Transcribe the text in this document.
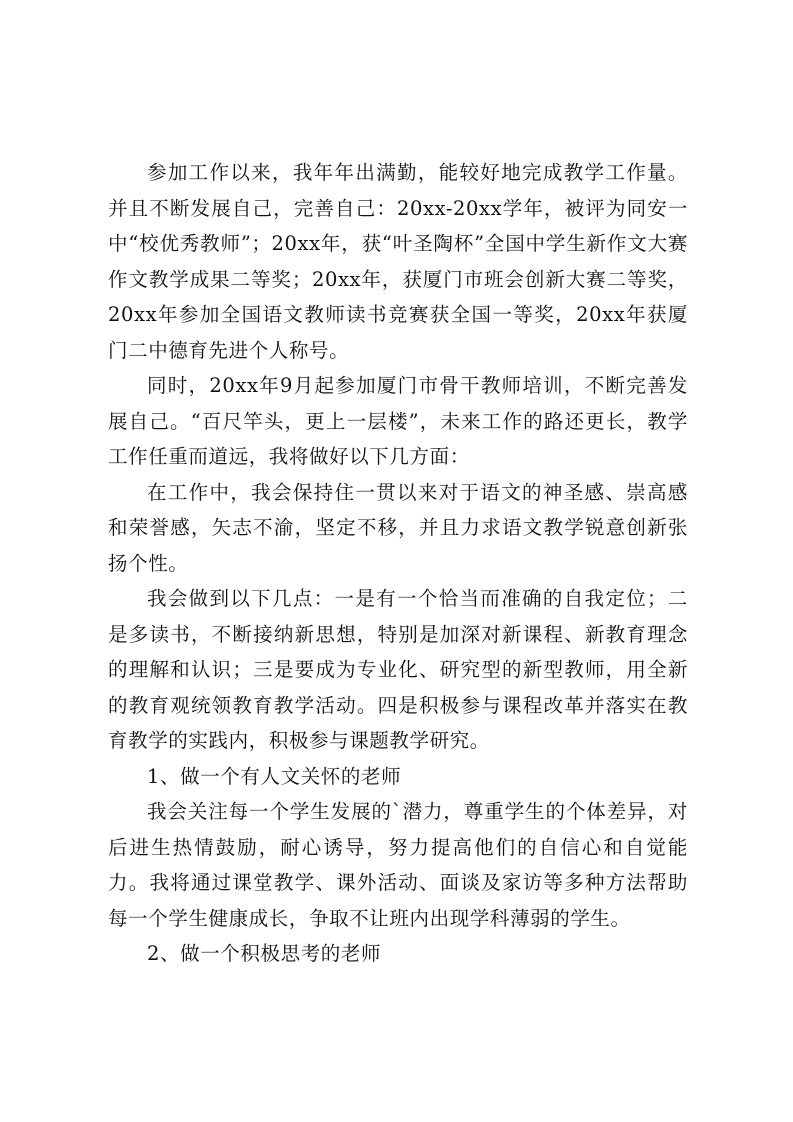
参加工作以来，我年年出满勤，能较好地完成教学工作量。并且不断发展自己，完善自己：20xx-20xx学年，被评为同安一中“校优秀教师”；20xx年，获“叶圣陶杯”全国中学生新作文大赛作文教学成果二等奖；20xx年，获厦门市班会创新大赛二等奖，20xx年参加全国语文教师读书竞赛获全国一等奖，20xx年获厦门二中德育先进个人称号。

同时，20xx年9月起参加厦门市骨干教师培训，不断完善发展自己。“百尺竿头，更上一层楼”，未来工作的路还更长，教学工作任重而道远，我将做好以下几方面：

在工作中，我会保持住一贯以来对于语文的神圣感、崇高感和荣誉感，矢志不渝，坚定不移，并且力求语文教学锐意创新张扬个性。

我会做到以下几点：一是有一个恰当而准确的自我定位；二是多读书，不断接纳新思想，特别是加深对新课程、新教育理念的理解和认识；三是要成为专业化、研究型的新型教师，用全新的教育观统领教育教学活动。四是积极参与课程改革并落实在教育教学的实践内，积极参与课题教学研究。

1、做一个有人文关怀的老师

我会关注每一个学生发展的`潜力，尊重学生的个体差异，对后进生热情鼓励，耐心诱导，努力提高他们的自信心和自觉能力。我将通过课堂教学、课外活动、面谈及家访等多种方法帮助每一个学生健康成长，争取不让班内出现学科薄弱的学生。

2、做一个积极思考的老师
